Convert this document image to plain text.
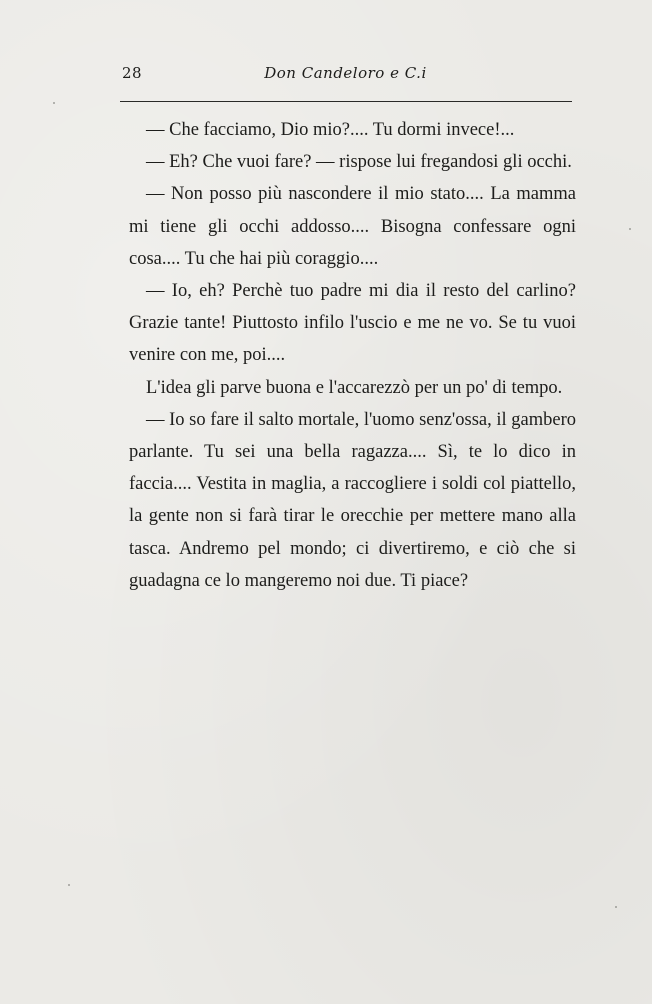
28	Don Candeloro e C.i

— Che facciamo, Dio mio?.... Tu dormi invece!...

— Eh? Che vuoi fare? — rispose lui fregandosi gli occhi.

— Non posso più nascondere il mio stato.... La mamma mi tiene gli occhi addosso.... Bisogna confessare ogni cosa.... Tu che hai più coraggio....

— Io, eh? Perchè tuo padre mi dia il resto del carlino? Grazie tante! Piuttosto infilo l'uscio e me ne vo. Se tu vuoi venire con me, poi....

L'idea gli parve buona e l'accarezzò per un po' di tempo.

— Io so fare il salto mortale, l'uomo senz'ossa, il gambero parlante. Tu sei una bella ragazza.... Sì, te lo dico in faccia.... Vestita in maglia, a raccogliere i soldi col piattello, la gente non si farà tirar le orecchie per mettere mano alla tasca. Andremo pel mondo; ci divertiremo, e ciò che si guadagna ce lo mangeremo noi due. Ti piace?
